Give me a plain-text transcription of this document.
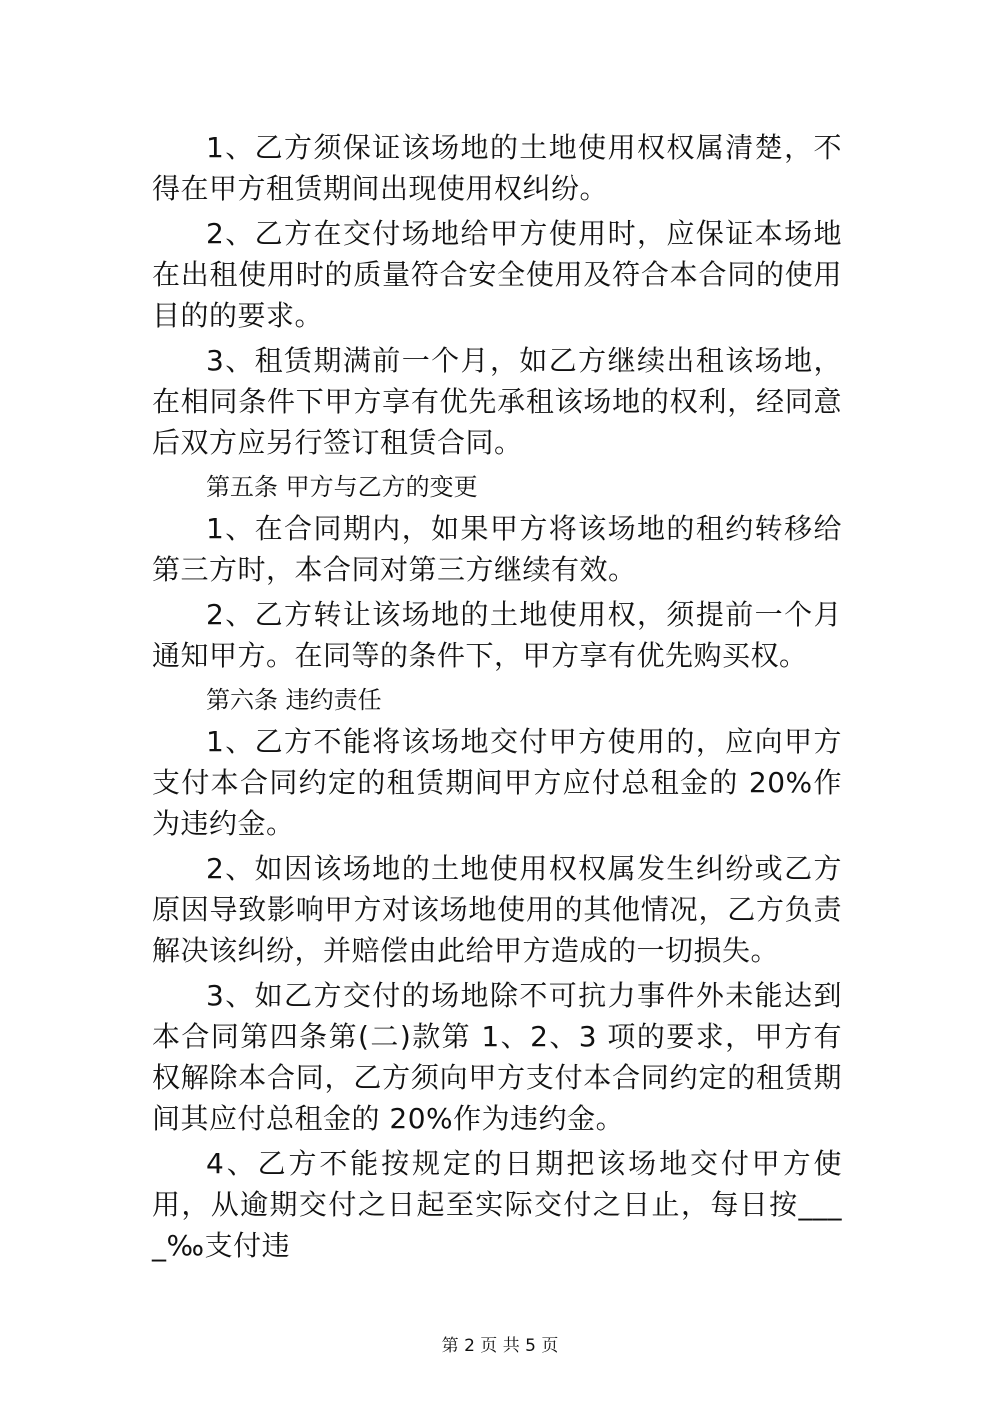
1、乙方须保证该场地的土地使用权权属清楚，不得在甲方租赁期间出现使用权纠纷。

2、乙方在交付场地给甲方使用时，应保证本场地在出租使用时的质量符合安全使用及符合本合同的使用目的的要求。

3、租赁期满前一个月，如乙方继续出租该场地，在相同条件下甲方享有优先承租该场地的权利，经同意后双方应另行签订租赁合同。

第五条 甲方与乙方的变更

1、在合同期内，如果甲方将该场地的租约转移给第三方时，本合同对第三方继续有效。

2、乙方转让该场地的土地使用权，须提前一个月通知甲方。在同等的条件下，甲方享有优先购买权。

第六条 违约责任

1、乙方不能将该场地交付甲方使用的，应向甲方支付本合同约定的租赁期间甲方应付总租金的 20%作为违约金。

2、如因该场地的土地使用权权属发生纠纷或乙方原因导致影响甲方对该场地使用的其他情况，乙方负责解决该纠纷，并赔偿由此给甲方造成的一切损失。

3、如乙方交付的场地除不可抗力事件外未能达到本合同第四条第(二)款第 1、2、3 项的要求，甲方有权解除本合同，乙方须向甲方支付本合同约定的租赁期间其应付总租金的 20%作为违约金。

4、乙方不能按规定的日期把该场地交付甲方使用，从逾期交付之日起至实际交付之日止，每日按____‰支付违

第 2 页 共 5 页
